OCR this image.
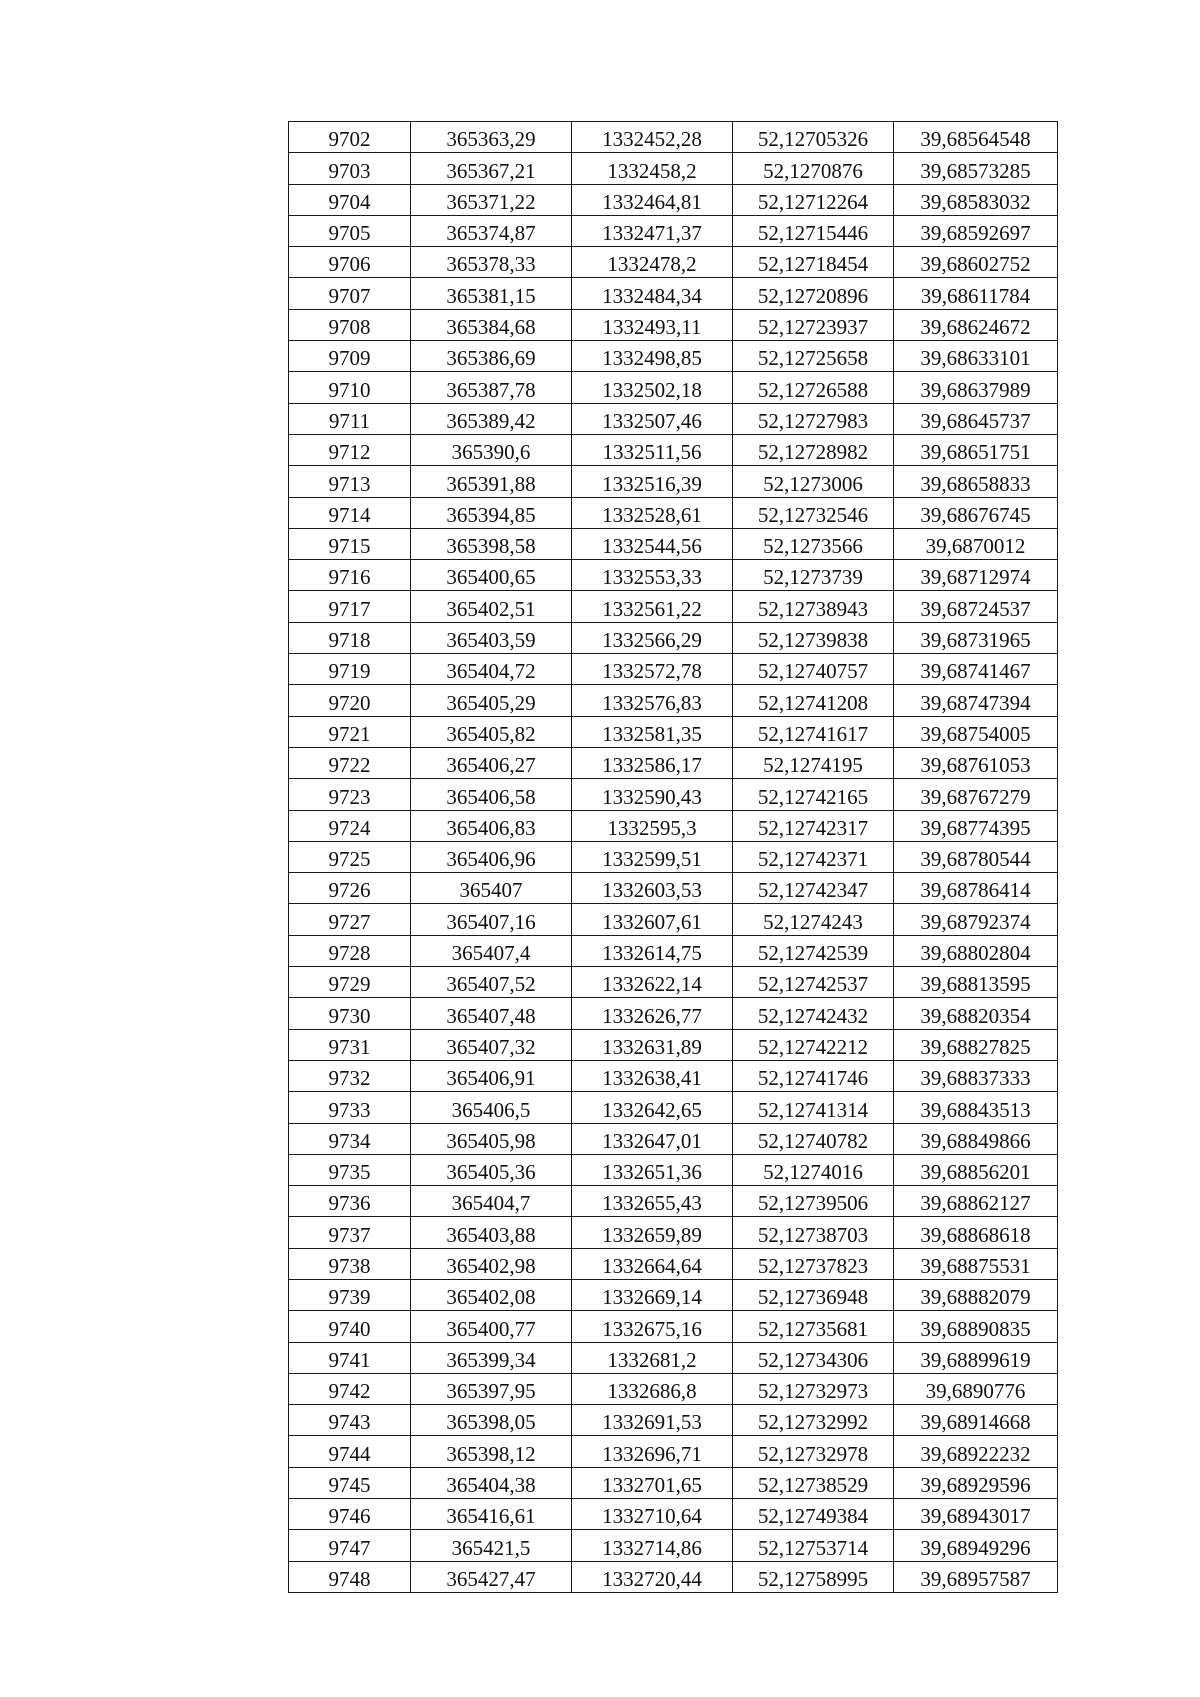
9702	365363,29	1332452,28	52,12705326	39,68564548
9703	365367,21	1332458,2	52,1270876	39,68573285
9704	365371,22	1332464,81	52,12712264	39,68583032
9705	365374,87	1332471,37	52,12715446	39,68592697
9706	365378,33	1332478,2	52,12718454	39,68602752
9707	365381,15	1332484,34	52,12720896	39,68611784
9708	365384,68	1332493,11	52,12723937	39,68624672
9709	365386,69	1332498,85	52,12725658	39,68633101
9710	365387,78	1332502,18	52,12726588	39,68637989
9711	365389,42	1332507,46	52,12727983	39,68645737
9712	365390,6	1332511,56	52,12728982	39,68651751
9713	365391,88	1332516,39	52,1273006	39,68658833
9714	365394,85	1332528,61	52,12732546	39,68676745
9715	365398,58	1332544,56	52,1273566	39,6870012
9716	365400,65	1332553,33	52,1273739	39,68712974
9717	365402,51	1332561,22	52,12738943	39,68724537
9718	365403,59	1332566,29	52,12739838	39,68731965
9719	365404,72	1332572,78	52,12740757	39,68741467
9720	365405,29	1332576,83	52,12741208	39,68747394
9721	365405,82	1332581,35	52,12741617	39,68754005
9722	365406,27	1332586,17	52,1274195	39,68761053
9723	365406,58	1332590,43	52,12742165	39,68767279
9724	365406,83	1332595,3	52,12742317	39,68774395
9725	365406,96	1332599,51	52,12742371	39,68780544
9726	365407	1332603,53	52,12742347	39,68786414
9727	365407,16	1332607,61	52,1274243	39,68792374
9728	365407,4	1332614,75	52,12742539	39,68802804
9729	365407,52	1332622,14	52,12742537	39,68813595
9730	365407,48	1332626,77	52,12742432	39,68820354
9731	365407,32	1332631,89	52,12742212	39,68827825
9732	365406,91	1332638,41	52,12741746	39,68837333
9733	365406,5	1332642,65	52,12741314	39,68843513
9734	365405,98	1332647,01	52,12740782	39,68849866
9735	365405,36	1332651,36	52,1274016	39,68856201
9736	365404,7	1332655,43	52,12739506	39,68862127
9737	365403,88	1332659,89	52,12738703	39,68868618
9738	365402,98	1332664,64	52,12737823	39,68875531
9739	365402,08	1332669,14	52,12736948	39,68882079
9740	365400,77	1332675,16	52,12735681	39,68890835
9741	365399,34	1332681,2	52,12734306	39,68899619
9742	365397,95	1332686,8	52,12732973	39,6890776
9743	365398,05	1332691,53	52,12732992	39,68914668
9744	365398,12	1332696,71	52,12732978	39,68922232
9745	365404,38	1332701,65	52,12738529	39,68929596
9746	365416,61	1332710,64	52,12749384	39,68943017
9747	365421,5	1332714,86	52,12753714	39,68949296
9748	365427,47	1332720,44	52,12758995	39,68957587
